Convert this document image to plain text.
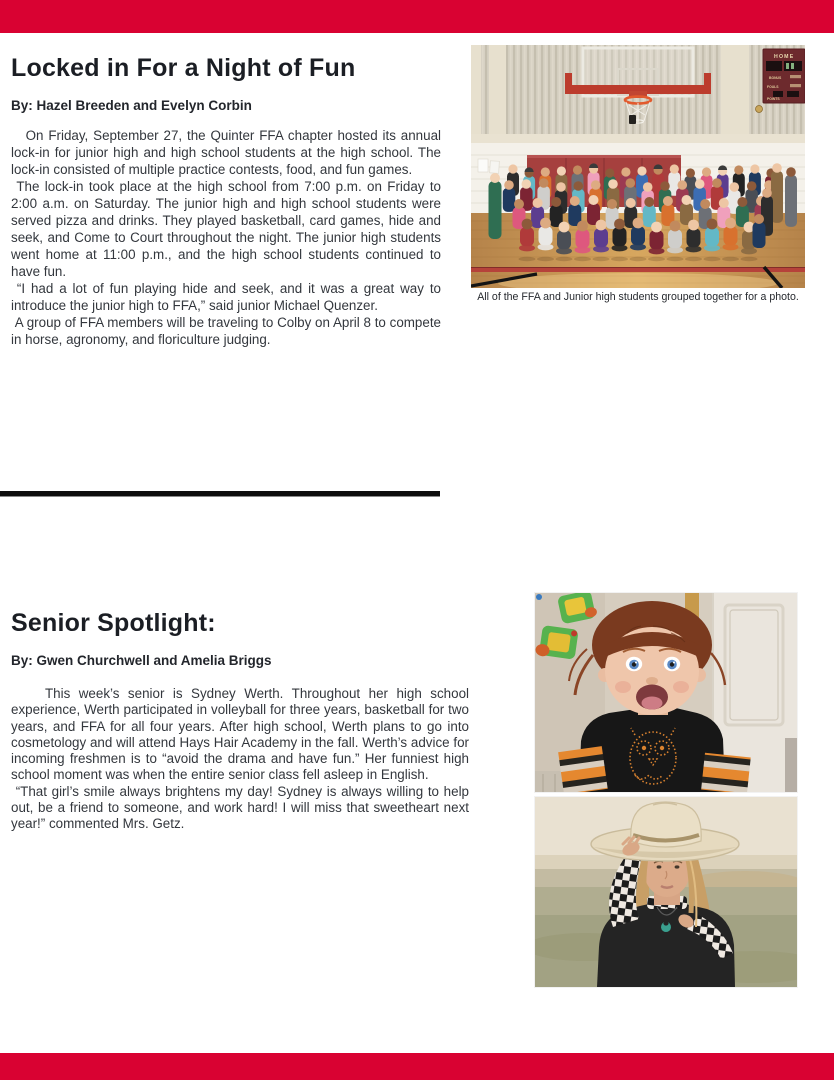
Locked in For a Night of Fun
By: Hazel Breeden and Evelyn Corbin

On Friday, September 27, the Quinter FFA chapter hosted its annual lock-in for junior high and high school students at the high school. The lock-in consisted of multiple practice contests, food, and fun games.

The lock-in took place at the high school from 7:00 p.m. on Friday to 2:00 a.m. on Saturday. The junior high and high school students were served pizza and drinks. They played basketball, card games, hide and seek, and Come to Court throughout the night. The junior high students went home at 11:00 p.m., and the high school students continued to have fun.

“I had a lot of fun playing hide and seek, and it was a great way to introduce the junior high to FFA,” said junior Michael Quenzer.

A group of FFA members will be traveling to Colby on April 8 to compete in horse, agronomy, and floriculture judging.

HOME
BONUS
FOULS
POINTS
All of the FFA and Junior high students grouped together for a photo.
Senior Spotlight:
By: Gwen Churchwell and Amelia Briggs

This week’s senior is Sydney Werth. Throughout her high school experience, Werth participated in volleyball for three years, basketball for two years, and FFA for all four years. After high school, Werth plans to go into cosmetology and will attend Hays Hair Academy in the fall. Werth’s advice for incoming freshmen is to “avoid the drama and have fun.” Her funniest high school moment was when the entire senior class fell asleep in English.

“That girl’s smile always brightens my day! Sydney is always willing to help out, be a friend to someone, and work hard! I will miss that sweetheart next year!” commented Mrs. Getz.
